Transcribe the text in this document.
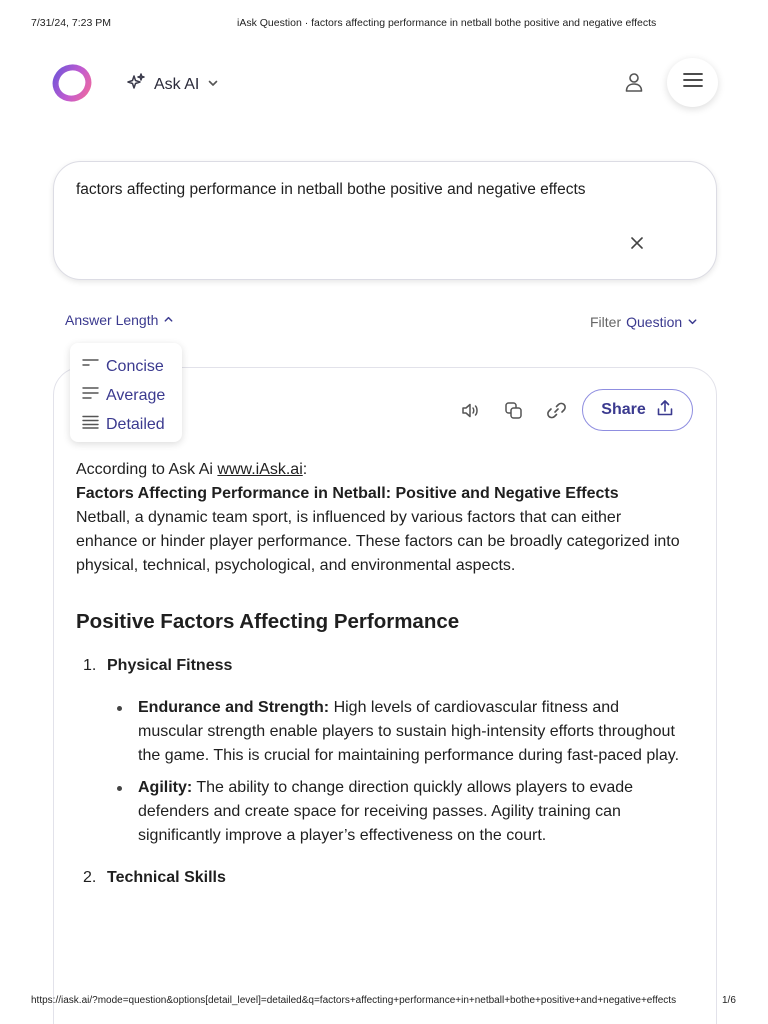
7/31/24, 7:23 PM	iAsk Question · factors affecting performance in netball bothe positive and negative effects
Ask AI
factors affecting performance in netball bothe positive and negative effects
Answer Length	Filter Question
Concise
Average
Detailed
Share

According to Ask Ai www.iAsk.ai:

Factors Affecting Performance in Netball: Positive and Negative Effects

Netball, a dynamic team sport, is influenced by various factors that can either enhance or hinder player performance. These factors can be broadly categorized into physical, technical, psychological, and environmental aspects.

Positive Factors Affecting Performance
1. Physical Fitness
Endurance and Strength: High levels of cardiovascular fitness and muscular strength enable players to sustain high-intensity efforts throughout the game. This is crucial for maintaining performance during fast-paced play.
Agility: The ability to change direction quickly allows players to evade defenders and create space for receiving passes. Agility training can significantly improve a player’s effectiveness on the court.
2. Technical Skills
https://iask.ai/?mode=question&options[detail_level]=detailed&q=factors+affecting+performance+in+netball+bothe+positive+and+negative+effects	1/6
